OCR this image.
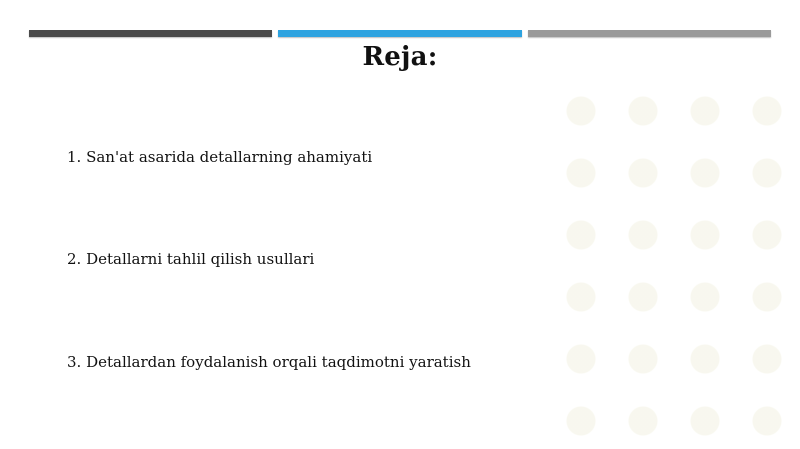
Reja:
1. San'at asarida detallarning ahamiyati
2. Detallarni tahlil qilish usullari
3. Detallardan foydalanish orqali taqdimotni yaratish
